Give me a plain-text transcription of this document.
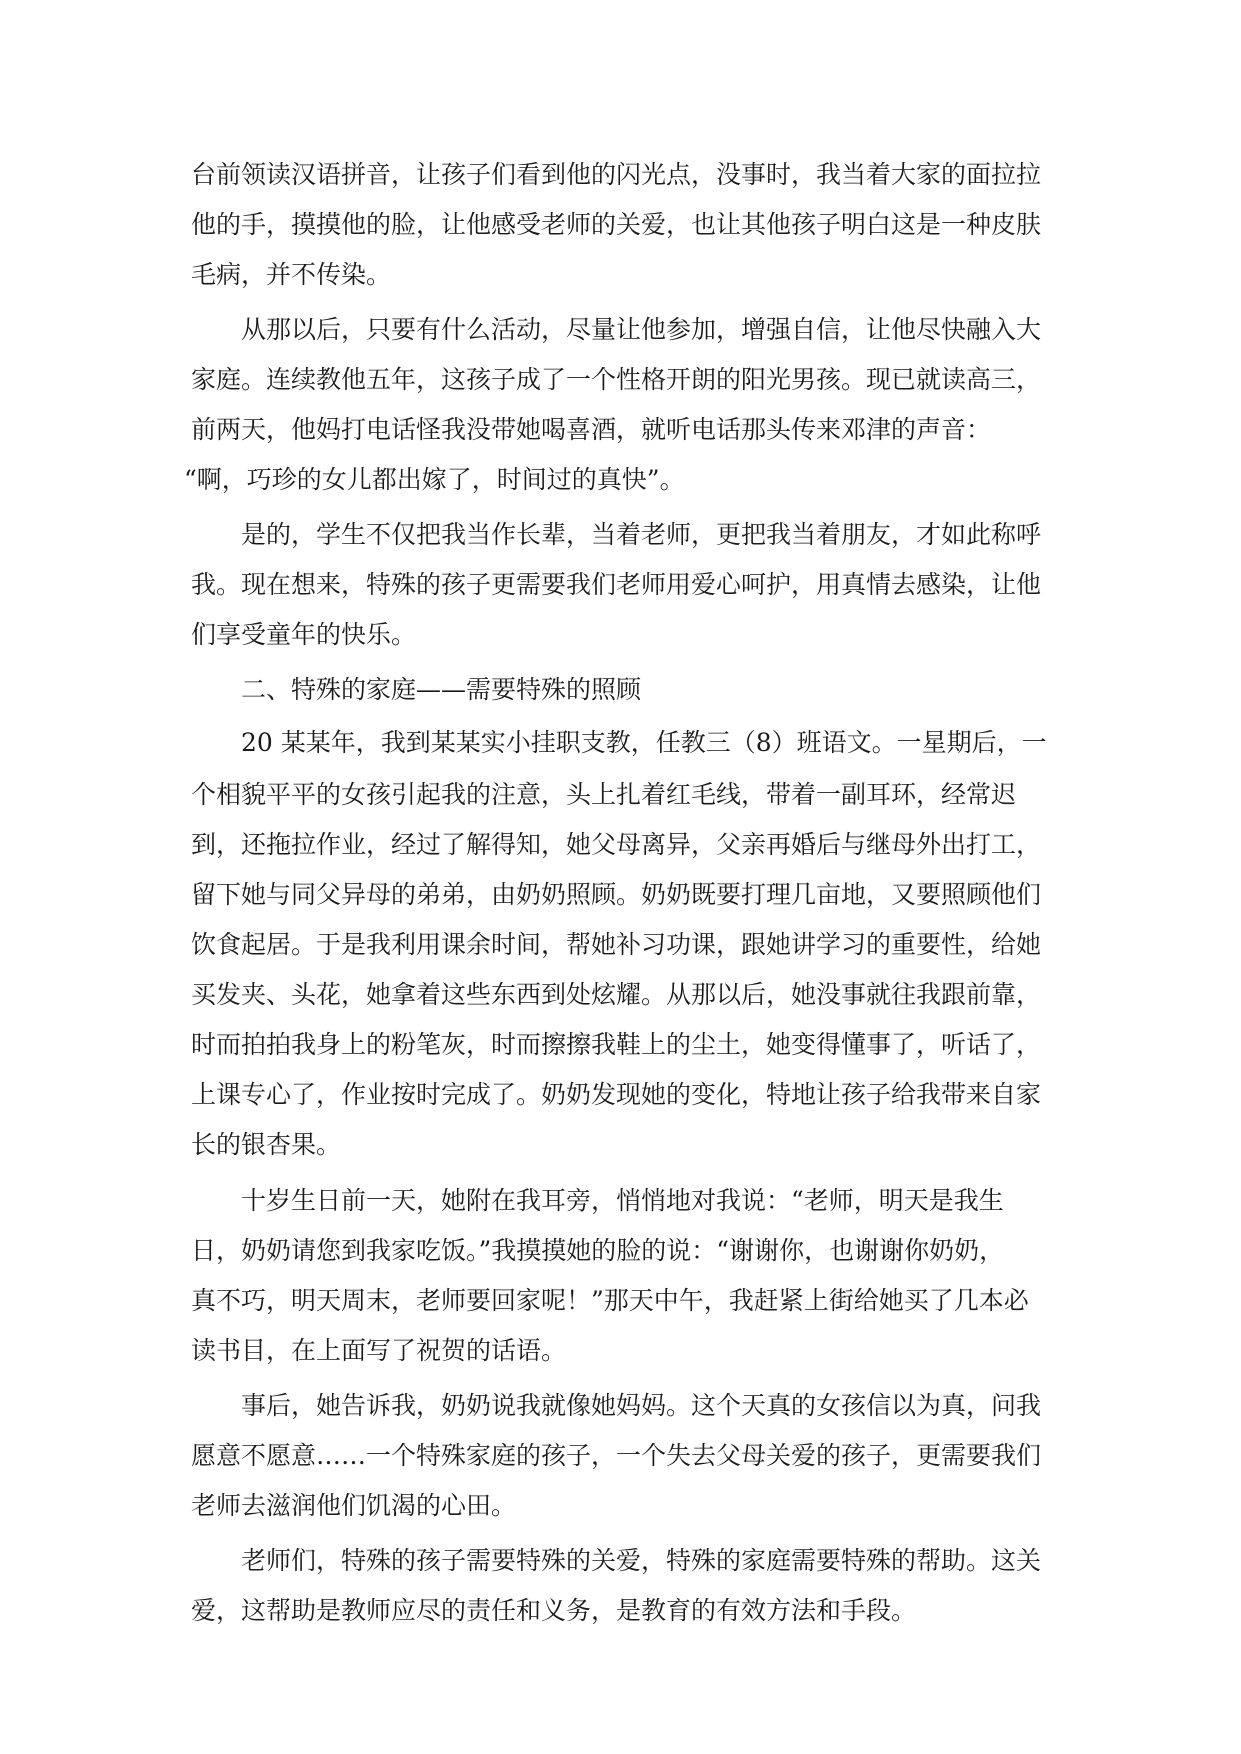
台前领读汉语拼音，让孩子们看到他的闪光点，没事时，我当着大家的面拉拉
他的手，摸摸他的脸，让他感受老师的关爱，也让其他孩子明白这是一种皮肤
毛病，并不传染。
从那以后，只要有什么活动，尽量让他参加，增强自信，让他尽快融入大
家庭。连续教他五年，这孩子成了一个性格开朗的阳光男孩。现已就读高三，
前两天，他妈打电话怪我没带她喝喜酒，就听电话那头传来邓津的声音：
“啊，巧珍的女儿都出嫁了，时间过的真快”。
是的，学生不仅把我当作长辈，当着老师，更把我当着朋友，才如此称呼
我。现在想来，特殊的孩子更需要我们老师用爱心呵护，用真情去感染，让他
们享受童年的快乐。
二、特殊的家庭——需要特殊的照顾
20 某某年，我到某某实小挂职支教，任教三（8）班语文。一星期后，一
个相貌平平的女孩引起我的注意，头上扎着红毛线，带着一副耳环，经常迟
到，还拖拉作业，经过了解得知，她父母离异，父亲再婚后与继母外出打工，
留下她与同父异母的弟弟，由奶奶照顾。奶奶既要打理几亩地，又要照顾他们
饮食起居。于是我利用课余时间，帮她补习功课，跟她讲学习的重要性，给她
买发夹、头花，她拿着这些东西到处炫耀。从那以后，她没事就往我跟前靠，
时而拍拍我身上的粉笔灰，时而擦擦我鞋上的尘土，她变得懂事了，听话了，
上课专心了，作业按时完成了。奶奶发现她的变化，特地让孩子给我带来自家
长的银杏果。
十岁生日前一天，她附在我耳旁，悄悄地对我说：“老师，明天是我生
日，奶奶请您到我家吃饭。”我摸摸她的脸的说：“谢谢你，也谢谢你奶奶，
真不巧，明天周末，老师要回家呢！”那天中午，我赶紧上街给她买了几本必
读书目，在上面写了祝贺的话语。
事后，她告诉我，奶奶说我就像她妈妈。这个天真的女孩信以为真，问我
愿意不愿意……一个特殊家庭的孩子，一个失去父母关爱的孩子，更需要我们
老师去滋润他们饥渴的心田。
老师们，特殊的孩子需要特殊的关爱，特殊的家庭需要特殊的帮助。这关
爱，这帮助是教师应尽的责任和义务，是教育的有效方法和手段。
